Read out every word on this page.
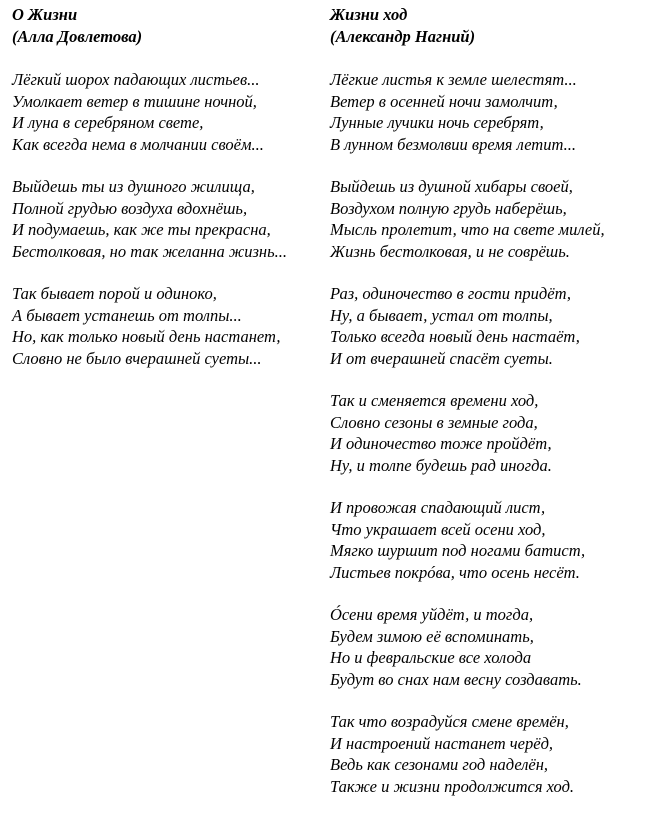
О Жизни
(Алла Довлетова)
Лёгкий шорох падающих листьев...
Умолкает ветер в тишине ночной,
И луна в серебряном свете,
Как всегда нема в молчании своём...
Выйдешь ты из душного жилища,
Полной грудью воздуха вдохнёшь,
И подумаешь, как же ты прекрасна,
Бестолковая, но так желанна жизнь...
Так бывает порой и одиноко,
А бывает устанешь от толпы...
Но, как только новый день настанет,
Словно не было вчерашней суеты...
Жизни ход
(Александр Нагний)
Лёгкие листья к земле шелестят...
Ветер в осенней ночи замолчит,
Лунные лучики ночь серебрят,
В лунном безмолвии время летит...
Выйдешь из душной хибары своей,
Воздухом полную грудь наберёшь,
Мысль пролетит, что на свете милей,
Жизнь бестолковая, и не соврёшь.
Раз, одиночество в гости придёт,
Ну, а бывает, устал от толпы,
Только всегда новый день настаёт,
И от вчерашней спасёт суеты.
Так и сменяется времени ход,
Словно сезоны в земные года,
И одиночество тоже пройдёт,
Ну, и толпе будешь рад иногда.
И провожая спадающий лист,
Что украшает всей осени ход,
Мягко шуршит под ногами батист,
Листьев покрóва, что осень несёт.
Óсени время уйдёт, и тогда,
Будем зимою её вспоминать,
Но и февральские все холода
Будут во снах нам весну создавать.
Так что возрадуйся смене времён,
И настроений настанет черёд,
Ведь как сезонами год наделён,
Также и жизни продолжится ход.
